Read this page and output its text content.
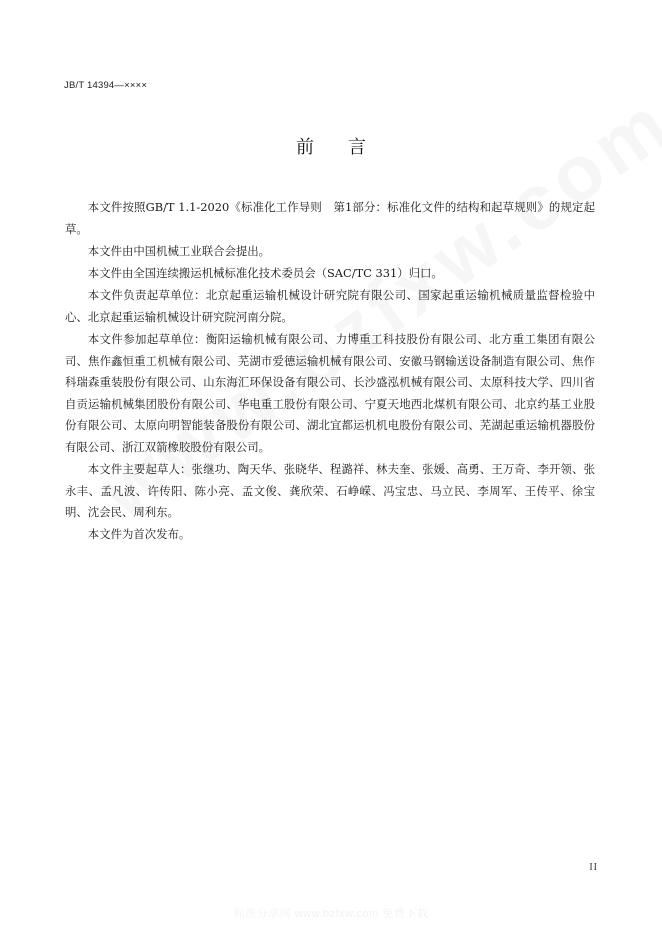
JB/T 14394—××××
前言

本文件按照GB/T 1.1-2020《标准化工作导则　第1部分：标准化文件的结构和起草规则》的规定起草。

本文件由中国机械工业联合会提出。

本文件由全国连续搬运机械标准化技术委员会（SAC/TC 331）归口。

本文件负责起草单位：北京起重运输机械设计研究院有限公司、国家起重运输机械质量监督检验中心、北京起重运输机械设计研究院河南分院。

本文件参加起草单位：衡阳运输机械有限公司、力博重工科技股份有限公司、北方重工集团有限公司、焦作鑫恒重工机械有限公司、芜湖市爱德运输机械有限公司、安徽马钢输送设备制造有限公司、焦作科瑞森重装股份有限公司、山东海汇环保设备有限公司、长沙盛泓机械有限公司、太原科技大学、四川省自贡运输机械集团股份有限公司、华电重工股份有限公司、宁夏天地西北煤机有限公司、北京约基工业股份有限公司、太原向明智能装备股份有限公司、湖北宜都运机机电股份有限公司、芜湖起重运输机器股份有限公司、浙江双箭橡胶股份有限公司。

本文件主要起草人：张继功、陶天华、张晓华、程潞祥、林夫奎、张媛、高勇、王万奇、李开领、张永丰、孟凡波、许传阳、陈小亮、孟文俊、龚欣荣、石峥嵘、冯宝忠、马立民、李周军、王传平、徐宝明、沈会民、周利东。

本文件为首次发布。

II
标准分享网 www.bzfxw.com 免费下载
